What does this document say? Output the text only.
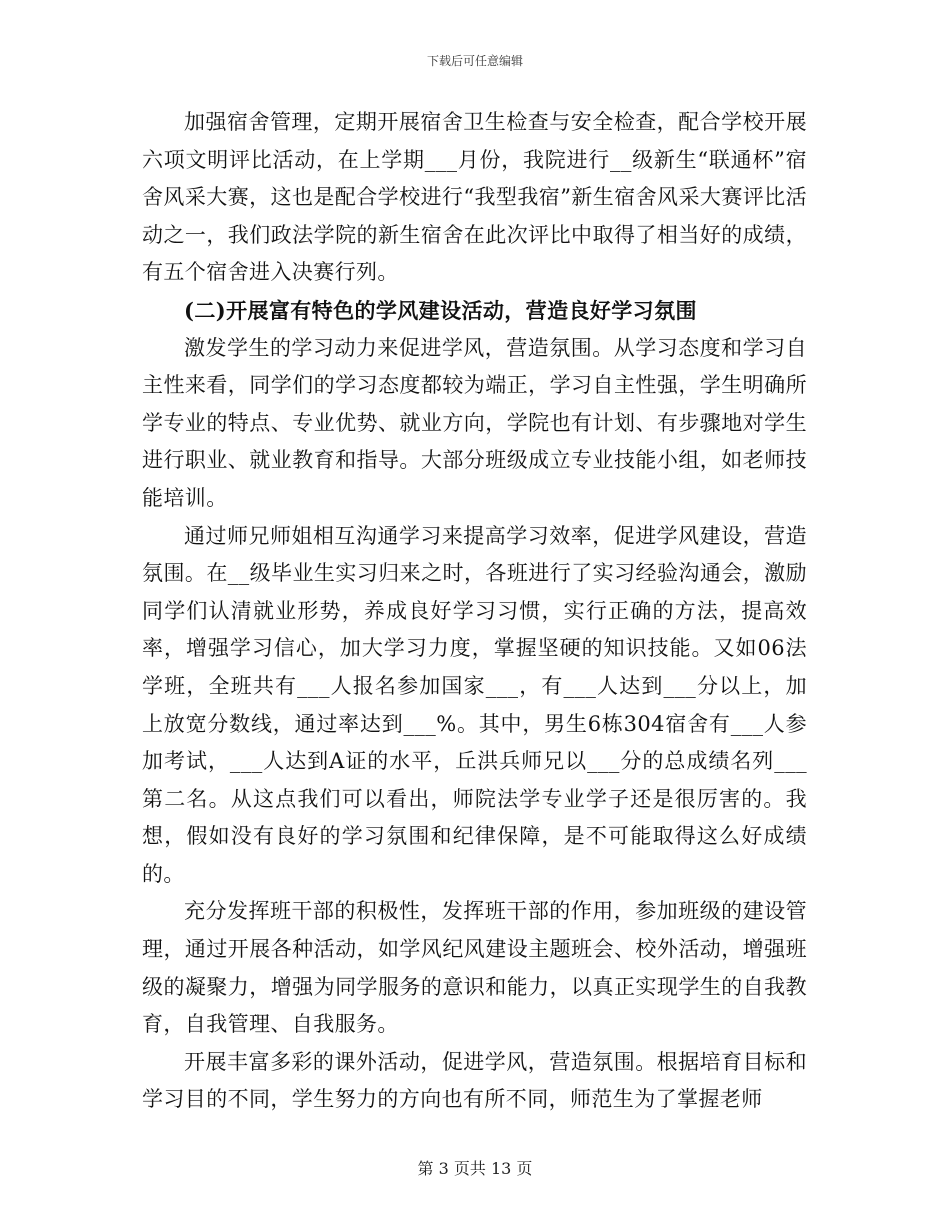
下载后可任意编辑

加强宿舍管理，定期开展宿舍卫生检查与安全检查，配合学校开展六项文明评比活动，在上学期___月份，我院进行__级新生“联通杯”宿舍风采大赛，这也是配合学校进行“我型我宿”新生宿舍风采大赛评比活动之一，我们政法学院的新生宿舍在此次评比中取得了相当好的成绩，有五个宿舍进入决赛行列。

(二)开展富有特色的学风建设活动，营造良好学习氛围

激发学生的学习动力来促进学风，营造氛围。从学习态度和学习自主性来看，同学们的学习态度都较为端正，学习自主性强，学生明确所学专业的特点、专业优势、就业方向，学院也有计划、有步骤地对学生进行职业、就业教育和指导。大部分班级成立专业技能小组，如老师技能培训。

通过师兄师姐相互沟通学习来提高学习效率，促进学风建设，营造氛围。在__级毕业生实习归来之时，各班进行了实习经验沟通会，激励同学们认清就业形势，养成良好学习习惯，实行正确的方法，提高效率，增强学习信心，加大学习力度，掌握坚硬的知识技能。又如06法学班，全班共有___人报名参加国家___，有___人达到___分以上，加上放宽分数线，通过率达到___%。其中，男生6栋304宿舍有___人参加考试，___人达到A证的水平，丘洪兵师兄以___分的总成绩名列___第二名。从这点我们可以看出，师院法学专业学子还是很厉害的。我想，假如没有良好的学习氛围和纪律保障，是不可能取得这么好成绩的。

充分发挥班干部的积极性，发挥班干部的作用，参加班级的建设管理，通过开展各种活动，如学风纪风建设主题班会、校外活动，增强班级的凝聚力，增强为同学服务的意识和能力，以真正实现学生的自我教育，自我管理、自我服务。

开展丰富多彩的课外活动，促进学风，营造氛围。根据培育目标和学习目的不同，学生努力的方向也有所不同，师范生为了掌握老师

第 3 页共 13 页
